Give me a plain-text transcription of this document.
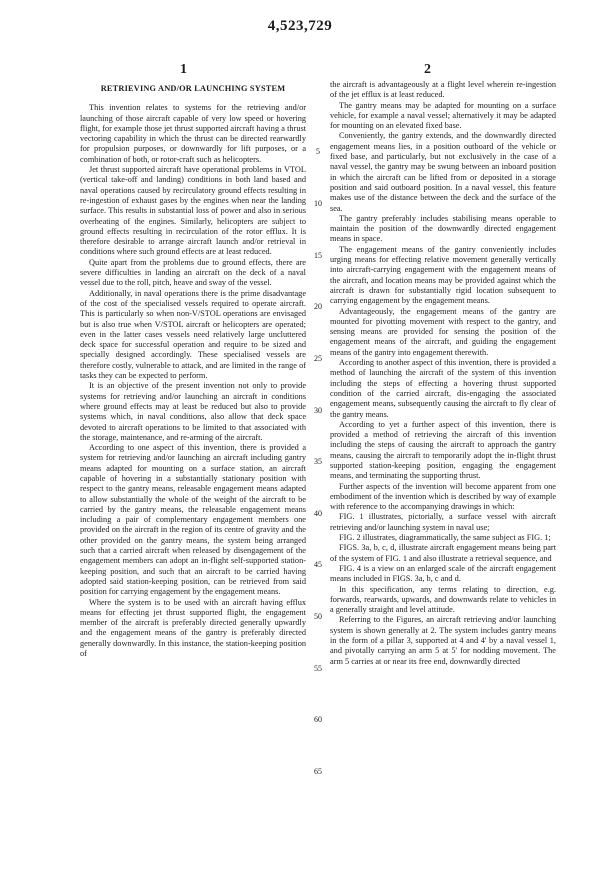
4,523,729
1	2
RETRIEVING AND/OR LAUNCHING SYSTEM

This invention relates to systems for the retrieving and/or launching of those aircraft capable of very low speed or hovering flight, for example those jet thrust supported aircraft having a thrust vectoring capability in which the thrust can be directed rearwardly for propulsion purposes, or downwardly for lift purposes, or a combination of both, or rotor-craft such as helicopters.

Jet thrust supported aircraft have operational problems in VTOL (vertical take-off and landing) conditions in both land based and naval operations caused by recirculatory ground effects resulting in re-ingestion of exhaust gases by the engines when near the landing surface. This results in substantial loss of power and also in serious overheating of the engines. Similarly, helicopters are subject to ground effects resulting in recirculation of the rotor efflux. It is therefore desirable to arrange aircraft launch and/or retrieval in conditions where such ground effects are at least reduced.

Quite apart from the problems due to ground effects, there are severe difficulties in landing an aircraft on the deck of a naval vessel due to the roll, pitch, heave and sway of the vessel.

Additionally, in naval operations there is the prime disadvantage of the cost of the specialised vessels required to operate aircraft. This is particularly so when non-V/STOL operations are envisaged but is also true when V/STOL aircraft or helicopters are operated; even in the latter cases vessels need relatively large uncluttered deck space for successful operation and require to be sized and specially designed accordingly. These specialised vessels are therefore costly, vulnerable to attack, and are limited in the range of tasks they can be expected to perform.

It is an objective of the present invention not only to provide systems for retrieving and/or launching an aircraft in conditions where ground effects may at least be reduced but also to provide systems which, in naval conditions, also allow that deck space devoted to aircraft operations to be limited to that associated with the storage, maintenance, and re-arming of the aircraft.

According to one aspect of this invention, there is provided a system for retrieving and/or launching an aircraft including gantry means adapted for mounting on a surface station, an aircraft capable of hovering in a substantially stationary position with respect to the gantry means, releasable engagement means adapted to allow substantially the whole of the weight of the aircraft to be carried by the gantry means, the releasable engagement means including a pair of complementary engagement members one provided on the aircraft in the region of its centre of gravity and the other provided on the gantry means, the system being arranged such that a carried aircraft when released by disengagement of the engagement members can adopt an in-flight self-supported station-keeping position, and such that an aircraft to be carried having adopted said station-keeping position, can be retrieved from said position for carrying engagement by the engagement means.

Where the system is to be used with an aircraft having efflux means for effecting jet thrust supported flight, the engagement member of the aircraft is preferably directed generally upwardly and the engagement means of the gantry is preferably directed generally downwardly. In this instance, the station-keeping position of

the aircraft is advantageously at a flight level wherein re-ingestion of the jet efflux is at least reduced.

The gantry means may be adapted for mounting on a surface vehicle, for example a naval vessel; alternatively it may be adapted for mounting on an elevated fixed base.

Conveniently, the gantry extends, and the downwardly directed engagement means lies, in a position outboard of the vehicle or fixed base, and particularly, but not exclusively in the case of a naval vessel, the gantry may be swung between an inboard position in which the aircraft can be lifted from or deposited in a storage position and said outboard position. In a naval vessel, this feature makes use of the distance between the deck and the surface of the sea.

The gantry preferably includes stabilising means operable to maintain the position of the downwardly directed engagement means in space.

The engagement means of the gantry conveniently includes urging means for effecting relative movement generally vertically into aircraft-carrying engagement with the engagement means of the aircraft, and location means may be provided against which the aircraft is drawn for substantially rigid location subsequent to carrying engagement by the engagement means.

Advantageously, the engagement means of the gantry are mounted for pivotting movement with respect to the gantry, and sensing means are provided for sensing the position of the engagement means of the aircraft, and guiding the engagement means of the gantry into engagement therewith.

According to another aspect of this invention, there is provided a method of launching the aircraft of the system of this invention including the steps of effecting a hovering thrust supported condition of the carried aircraft, dis-engaging the associated engagement means, subsequently causing the aircraft to fly clear of the gantry means.

According to yet a further aspect of this invention, there is provided a method of retrieving the aircraft of this invention including the steps of causing the aircraft to approach the gantry means, causing the aircraft to temporarily adopt the in-flight thrust supported station-keeping position, engaging the engagement means, and terminating the supporting thrust.

Further aspects of the invention will become apparent from one embodiment of the invention which is described by way of example with reference to the accompanying drawings in which:

FIG. 1 illustrates, pictorially, a surface vessel with aircraft retrieving and/or launching system in naval use;

FIG. 2 illustrates, diagrammatically, the same subject as FIG. 1;

FIGS. 3a, b, c, d, illustrate aircraft engagement means being part of the system of FIG. 1 and also illustrate a retrieval sequence, and

FIG. 4 is a view on an enlarged scale of the aircraft engagement means included in FIGS. 3a, b, c and d.

In this specification, any terms relating to direction, e.g. forwards, rearwards, upwards, and downwards relate to vehicles in a generally straight and level attitude.

Referring to the Figures, an aircraft retrieving and/or launching system is shown generally at 2. The system includes gantry means in the form of a pillar 3, supported at 4 and 4' by a naval vessel 1, and pivotally carrying an arm 5 at 5' for nodding movement. The arm 5 carries at or near its free end, downwardly directed

5
10
15
20
25
30
35
40
45
50
55
60
65
